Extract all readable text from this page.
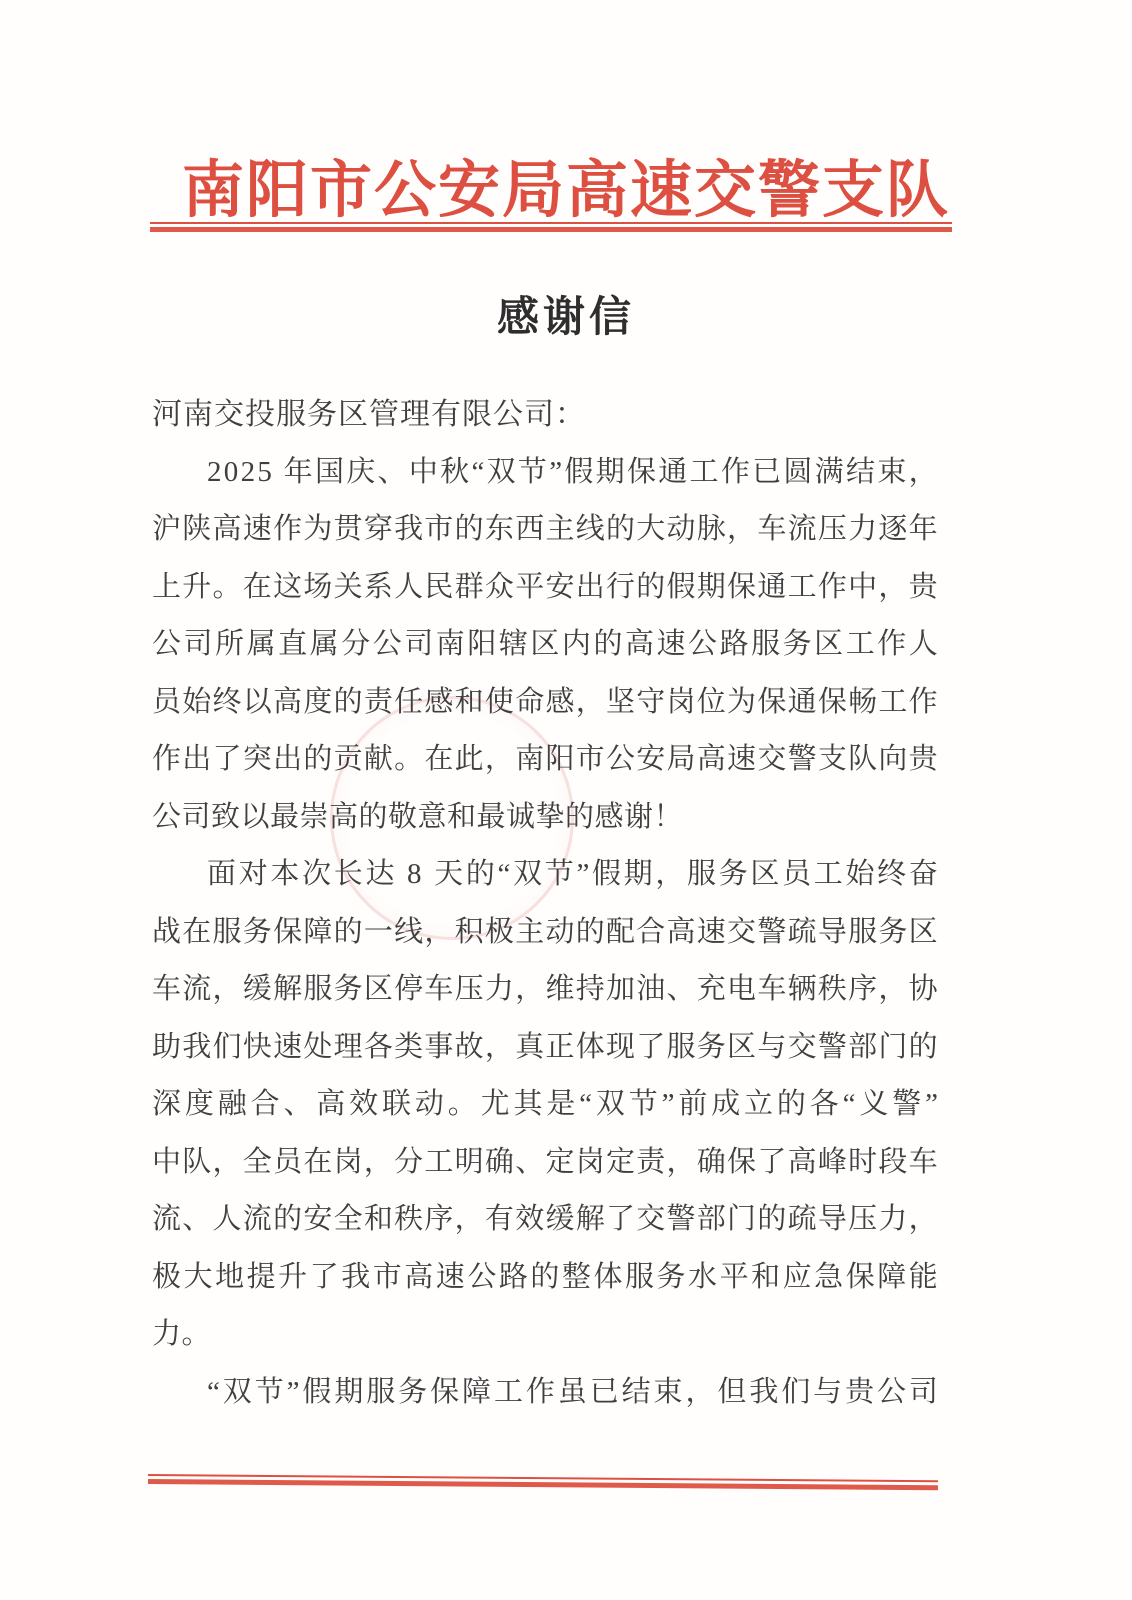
南阳市公安局高速交警支队
感谢信
河南交投服务区管理有限公司：
2 0 2 5
年 国 庆 、 中 秋 “ 双 节 ” 假 期 保 通 工 作 已 圆 满 结 束 ，
沪 陕 高 速 作 为 贯 穿 我 市 的 东 西 主 线 的 大 动 脉 ， 车 流 压 力 逐 年
上 升 。 在 这 场 关 系 人 民 群 众 平 安 出 行 的 假 期 保 通 工 作 中 ， 贵
公 司 所 属 直 属 分 公 司 南 阳 辖 区 内 的 高 速 公 路 服 务 区 工 作 人
员 始 终 以 高 度 的 责 任 感 和 使 命 感 ， 坚 守 岗 位 为 保 通 保 畅 工 作
作 出 了 突 出 的 贡 献 。 在 此 ， 南 阳 市 公 安 局 高 速 交 警 支 队 向 贵
公司致以最崇高的敬意和最诚挚的感谢！
面 对 本 次 长 达
8
天 的 “ 双 节 ” 假 期 ， 服 务 区 员 工 始 终 奋
战 在 服 务 保 障 的 一 线 ， 积 极 主 动 的 配 合 高 速 交 警 疏 导 服 务 区
车 流 ， 缓 解 服 务 区 停 车 压 力 ， 维 持 加 油 、 充 电 车 辆 秩 序 ， 协
助 我 们 快 速 处 理 各 类 事 故 ， 真 正 体 现 了 服 务 区 与 交 警 部 门 的
深 度 融 合 、 高 效 联 动 。 尤 其 是 “ 双 节 ” 前 成 立 的 各 “ 义 警 ”
中 队 ， 全 员 在 岗 ， 分 工 明 确 、 定 岗 定 责 ， 确 保 了 高 峰 时 段 车
流 、 人 流 的 安 全 和 秩 序 ， 有 效 缓 解 了 交 警 部 门 的 疏 导 压 力 ，
极 大 地 提 升 了 我 市 高 速 公 路 的 整 体 服 务 水 平 和 应 急 保 障 能
力。
“ 双 节 ” 假 期 服 务 保 障 工 作 虽 已 结 束 ， 但 我 们 与 贵 公 司
